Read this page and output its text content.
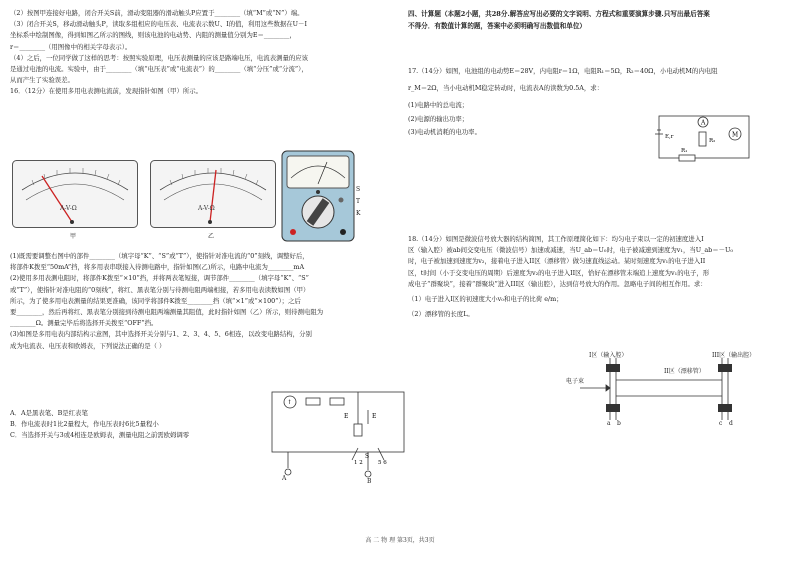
（2）按图甲连接好电路，闭合开关S前，滑动变阻器的滑动触头P应置于________（填“M”或“N”）端。
（3）闭合开关S，移动滑动触头P，读取多组相应的电压表、电流表示数U、I的值，利用这些数据在U－I
坐标系中绘制图像，得到如图乙所示的图线，则该电池的电动势、内阻的测量值分别为E＝________，
r＝________（用图像中的相关字母表示）。
（4）之后，一位同学做了这样的思考：按照实验原理，电压表测量的应该是路端电压，电流表测量的应该
是通过电池的电流。实验中，由于________（填“电压表”或“电流表”）的________（填“分压”或“分流”），
从而产生了实验误差。
16．（12分）在使用多用电表测电流前，发现指针如图（甲）所示。
A-V-Ω
甲
A-V-Ω
乙
S
T
K
(1)既需要调整右图中的部件________（填字母“K”、“S”或“T”），使指针对准电流的“0”刻线，调整好后，
将部件K拨至“50mA”挡，将多用表串联接入待测电路中，指针如图(乙)所示，电路中电流为________mA
(2)使用多用表测电阻时，将部件K拨至“×10”挡，并将两表笔短接，调节部件________（填字母“K”、“S”
或“T”），使指针对准电阻的“0刻线”，将红、黑表笔分别与待测电阻两端相接，若多用电表读数如图（甲）
所示，为了使多用电表测量的结果更准确，该同学将部件K拨至________挡（填“×1”或“×100”）；之后
要________，然后再将红、黑表笔分别接到待测电阻两端测量其阻值，此时指针如图（乙）所示，则待测电阻为
________Ω。测量完毕后将选择开关拨至“OFF”挡。
(3)如图是多用电表内部结构示意图，其中选择开关分别与1、2、3、4、5、6相连，以改变电路结构，分别
成为电流表、电压表和欧姆表，下列说法正确的是（ ）
A．A是黑表笔、B是红表笔
B．作电流表时1比2量程大，作电压表时6比5量程小
C．当选择开关与3或4相连是欧姆表，测量电阻之前需欧姆调零
↑
E	E
1 2	5 6
S
A	B
四、计算题（本题2小题，共28分.解答应写出必要的文字说明、方程式和重要演算步骤.只写出最后答案
不得分．有数值计算的题，答案中必须明确写出数值和单位）
17.（14分）如图，电池组的电动势E＝28V，内电阻r＝1Ω，电阻R₁＝5Ω，R₂＝40Ω，小电动机M的内电阻
r_M＝2Ω，当小电动机M稳定转动时，电流表A的读数为0.5A，求：
(1)电路中的总电流；
(2)电源的输出功率；
(3)电动机消耗的电功率。
E,r
A
M
R₂
R₁
18.（14分）如图是微波信号放大器的结构简图，其工作原理简化如下：均匀电子束以一定的初速度进入I
区（输入腔）被ab间交变电压（微波信号）加速或减速，当U_ab＝U₀时，电子被减速到速度为v₁，当U_ab＝－U₀
时，电子被加速到速度为v₂，接着电子进入II区（漂移管）做匀速直线运动。某时刻速度为v₁的电子进入II
区，t时间（小于交变电压的周期）后速度为v₂的电子进入II区，恰好在漂移管末端追上速度为v₁的电子，形
成电子“群聚块”，接着“群聚块”进入III区（输出腔），达到信号放大的作用。忽略电子间的相互作用。求：
（1）电子进入I区的初速度大小v₀和电子的比荷 e/m；
（2）漂移管的长度L。
I区（输入腔）
II区（漂移管）
III区（输出腔）
电子束
a b	c d
高 二 物 理 第3页，共3页
